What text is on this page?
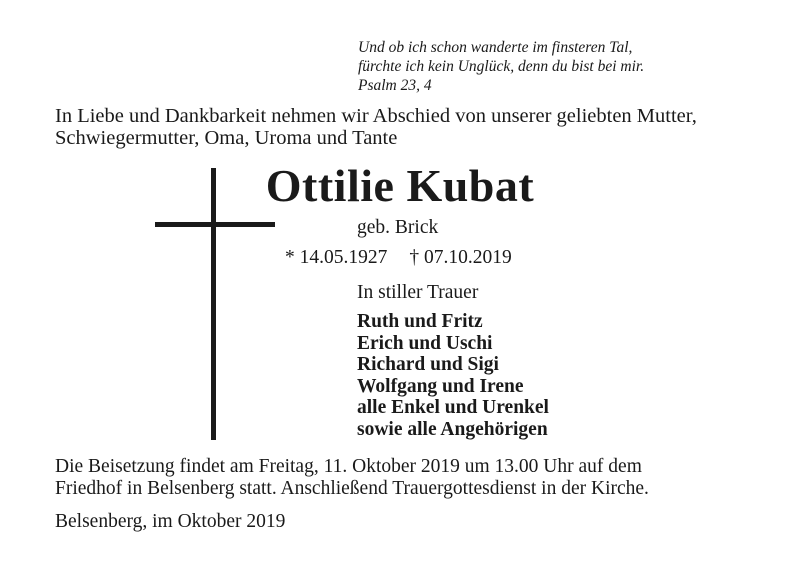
Und ob ich schon wanderte im finsteren Tal,
fürchte ich kein Unglück, denn du bist bei mir.
Psalm 23, 4
In Liebe und Dankbarkeit nehmen wir Abschied von unserer geliebten Mutter,
Schwiegermutter, Oma, Uroma und Tante
Ottilie Kubat
geb. Brick
* 14.05.1927 † 07.10.2019
In stiller Trauer
Ruth und Fritz
Erich und Uschi
Richard und Sigi
Wolfgang und Irene
alle Enkel und Urenkel
sowie alle Angehörigen
Die Beisetzung findet am Freitag, 11. Oktober 2019 um 13.00 Uhr auf dem
Friedhof in Belsenberg statt. Anschließend Trauergottesdienst in der Kirche.
Belsenberg, im Oktober 2019
